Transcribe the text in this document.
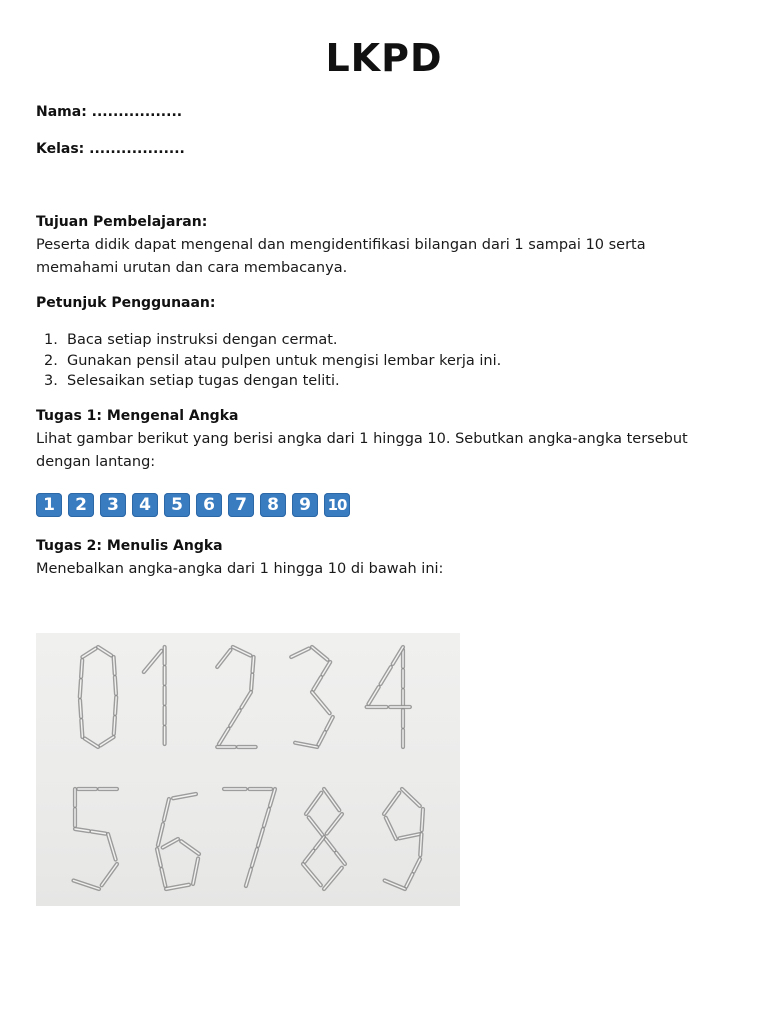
LKPD
Nama: .................
Kelas: ..................
Tujuan Pembelajaran:
Peserta didik dapat mengenal dan mengidentifikasi bilangan dari 1 sampai 10 serta memahami urutan dan cara membacanya.
Petunjuk Penggunaan:
1. Baca setiap instruksi dengan cermat.
2. Gunakan pensil atau pulpen untuk mengisi lembar kerja ini.
3. Selesaikan setiap tugas dengan teliti.
Tugas 1: Mengenal Angka
Lihat gambar berikut yang berisi angka dari 1 hingga 10. Sebutkan angka-angka tersebut dengan lantang:
1	2	3	4	5	6	7	8	9	10
Tugas 2: Menulis Angka
Menebalkan angka-angka dari 1 hingga 10 di bawah ini:
